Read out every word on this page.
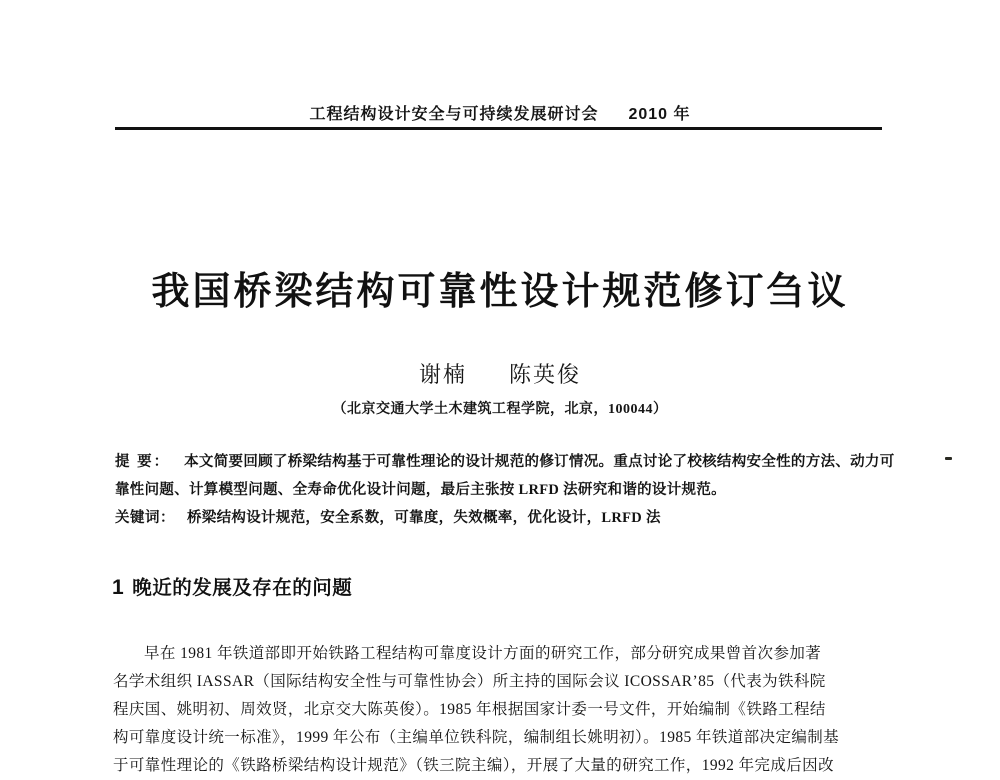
工程结构设计安全与可持续发展研讨会 2010 年
我国桥梁结构可靠性设计规范修订刍议
谢楠 陈英俊
（北京交通大学土木建筑工程学院，北京，100044）
提 要： 本文简要回顾了桥梁结构基于可靠性理论的设计规范的修订情况。重点讨论了校核结构安全性的方法、动力可
靠性问题、计算模型问题、全寿命优化设计问题，最后主张按 LRFD 法研究和谐的设计规范。
关键词： 桥梁结构设计规范，安全系数，可靠度，失效概率，优化设计，LRFD 法
1 晚近的发展及存在的问题
早在 1981 年铁道部即开始铁路工程结构可靠度设计方面的研究工作，部分研究成果曾首次参加著
名学术组织 IASSAR（国际结构安全性与可靠性协会）所主持的国际会议 ICOSSAR’85（代表为铁科院
程庆国、姚明初、周效贤，北京交大陈英俊）。1985 年根据国家计委一号文件，开始编制《铁路工程结
构可靠度设计统一标准》，1999 年公布（主编单位铁科院，编制组长姚明初）。1985 年铁道部决定编制基
于可靠性理论的《铁路桥梁结构设计规范》（铁三院主编），开展了大量的研究工作，1992 年完成后因改
